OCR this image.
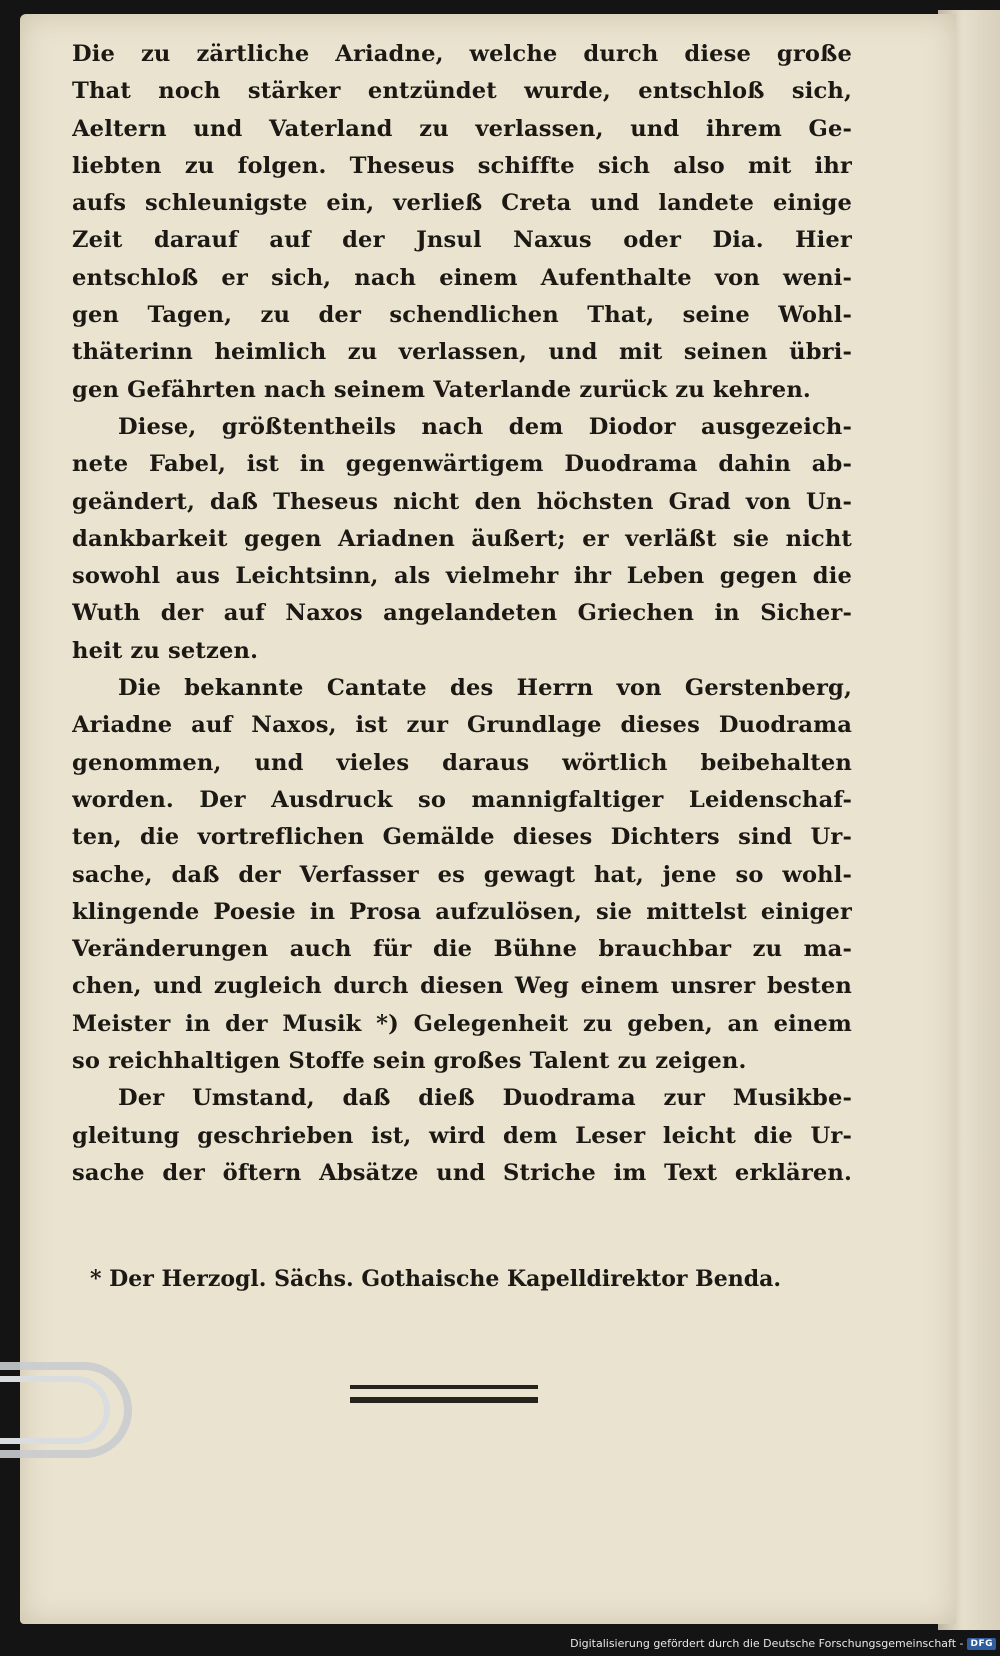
Die zu zärtliche Ariadne, welche durch diese große
That noch stärker entzündet wurde, entschloß sich,
Aeltern und Vaterland zu verlassen, und ihrem Ge-
liebten zu folgen. Theseus schiffte sich also mit ihr
aufs schleunigste ein, verließ Creta und landete einige
Zeit darauf auf der Jnsul Naxus oder Dia. Hier
entschloß er sich, nach einem Aufenthalte von weni-
gen Tagen, zu der schendlichen That, seine Wohl-
thäterinn heimlich zu verlassen, und mit seinen übri-
gen Gefährten nach seinem Vaterlande zurück zu kehren.
Diese, größtentheils nach dem Diodor ausgezeich-
nete Fabel, ist in gegenwärtigem Duodrama dahin ab-
geändert, daß Theseus nicht den höchsten Grad von Un-
dankbarkeit gegen Ariadnen äußert; er verläßt sie nicht
sowohl aus Leichtsinn, als vielmehr ihr Leben gegen die
Wuth der auf Naxos angelandeten Griechen in Sicher-
heit zu setzen.
Die bekannte Cantate des Herrn von Gerstenberg,
Ariadne auf Naxos, ist zur Grundlage dieses Duodrama
genommen, und vieles daraus wörtlich beibehalten
worden. Der Ausdruck so mannigfaltiger Leidenschaf-
ten, die vortreflichen Gemälde dieses Dichters sind Ur-
sache, daß der Verfasser es gewagt hat, jene so wohl-
klingende Poesie in Prosa aufzulösen, sie mittelst einiger
Veränderungen auch für die Bühne brauchbar zu ma-
chen, und zugleich durch diesen Weg einem unsrer besten
Meister in der Musik *) Gelegenheit zu geben, an einem
so reichhaltigen Stoffe sein großes Talent zu zeigen.
Der Umstand, daß dieß Duodrama zur Musikbe-
gleitung geschrieben ist, wird dem Leser leicht die Ur-
sache der öftern Absätze und Striche im Text erklären.
* Der Herzogl. Sächs. Gothaische Kapelldirektor Benda.
Digitalisierung gefördert durch die Deutsche Forschungsgemeinschaft - DFG
